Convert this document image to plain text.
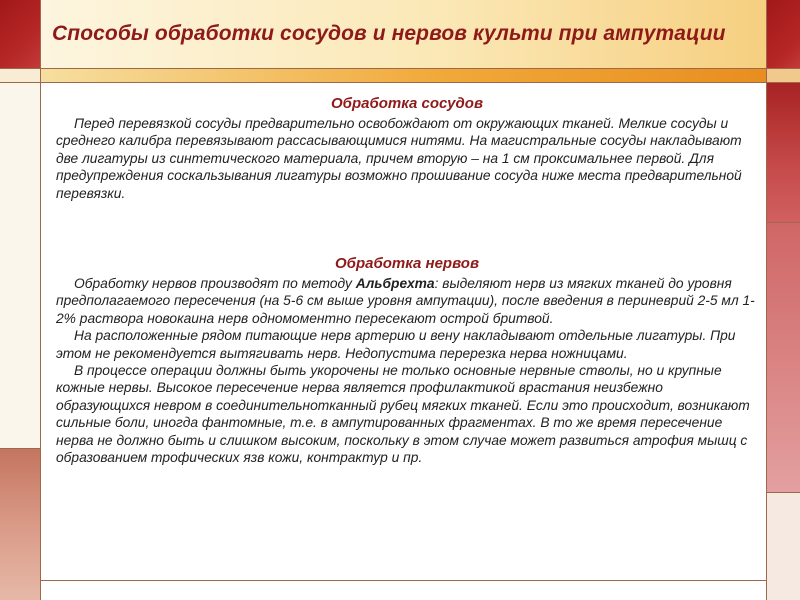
Способы обработки сосудов и нервов культи при ампутации
Обработка сосудов

Перед перевязкой сосуды предварительно освобождают от окружающих тканей. Мелкие сосуды и среднего калибра перевязывают рассасывающимися нитями. На магистральные сосуды накладывают две лигатуры из синтетического материала, причем вторую – на 1 см проксимальнее первой. Для предупреждения соскальзывания лигатуры возможно прошивание сосуда ниже места предварительной перевязки.

Обработка нервов

Обработку нервов производят по методу Альбрехта: выделяют нерв из мягких тканей до уровня предполагаемого пересечения (на 5-6 см выше уровня ампутации), после введения в периневрий 2-5 мл 1-2% раствора новокаина нерв одномоментно пересекают острой бритвой.

На расположенные рядом питающие нерв артерию и вену накладывают отдельные лигатуры. При этом не рекомендуется вытягивать нерв. Недопустима перерезка нерва ножницами.

В процессе операции должны быть укорочены не только основные нервные стволы, но и крупные кожные нервы. Высокое пересечение нерва является профилактикой врастания неизбежно образующихся невром в соединительнотканный рубец мягких тканей. Если это происходит, возникают сильные боли, иногда фантомные, т.е. в ампутированных фрагментах. В то же время пересечение нерва не должно быть и слишком высоким, поскольку в этом случае может развиться атрофия мышц с образованием трофических язв кожи, контрактур и пр.
